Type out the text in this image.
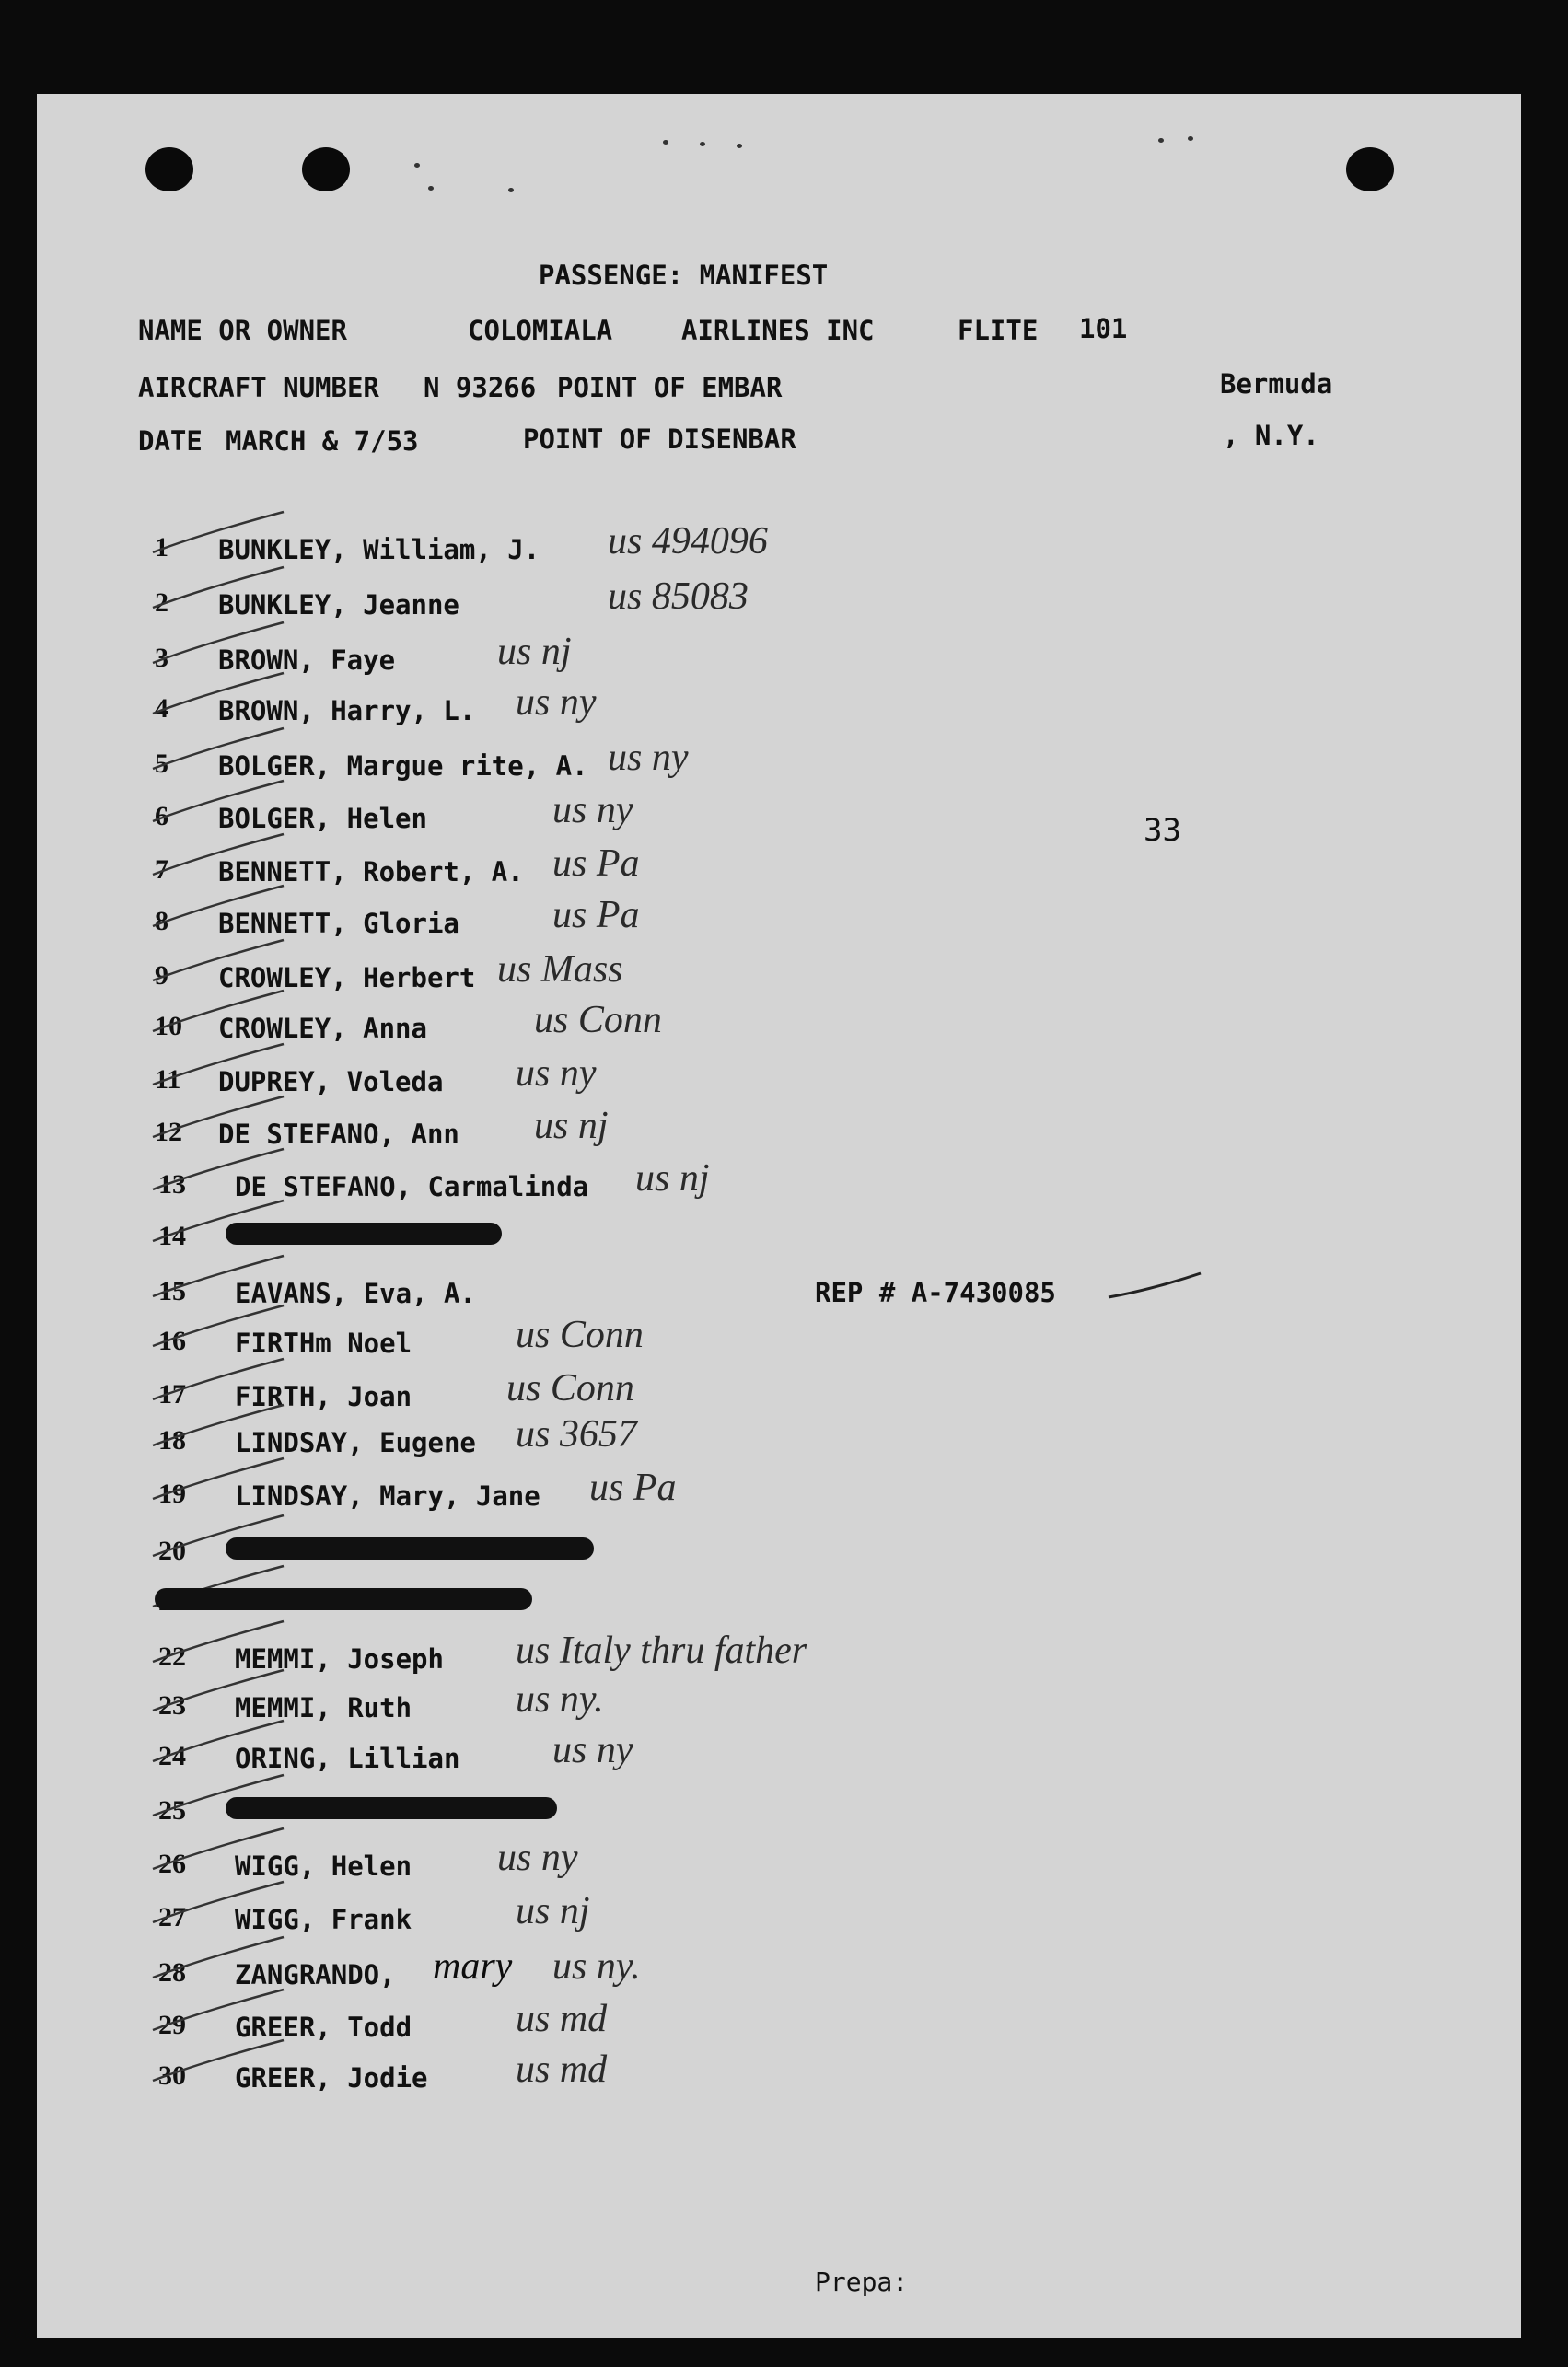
PASSENGE: MANIFEST
NAME OR OWNER	COLOMIALA	AIRLINES INC	FLITE 101
AIRCRAFT NUMBER N 93266 POINT OF EMBAR	Bermuda
DATE MARCH & 7/53	POINT OF DISENBAR	, N.Y.
33
REP # A-7430085
1 BUNKLEY, William, J. us 494096
2 BUNKLEY, Jeanne	us 85083
3 BROWN, Faye	us nj
4 BROWN, Harry, L. us ny
5 BOLGER, Margue rite, A. us ny
6 BOLGER, Helen	us ny
7 BENNETT, Robert, A. us Pa
8 BENNETT, Gloria us Pa
9 CROWLEY, Herbert us Mass
10 CROWLEY, Anna	us Conn
11 DUPREY, Voleda us ny
12 DE STEFANO, Ann us nj
13 DE STEFANO, Carmalinda us nj
14
15 EAVANS, Eva, A.
16 FIRTHm Noel	us Conn
17 FIRTH, Joan us Conn
18 LINDSAY, Eugene us 3657
19 LINDSAY, Mary, Jane us Pa
20
22 MEMMI, Joseph us Italy thru father
23 MEMMI, Ruth	us ny.
24 ORING, Lillian us ny
25
26 WIGG, Helen us ny
27 WIGG, Frank	us nj
28 ZANGRANDO, mary us ny.
29 GREER, Todd	us md
30 GREER, Jodie us md
Prepa:
